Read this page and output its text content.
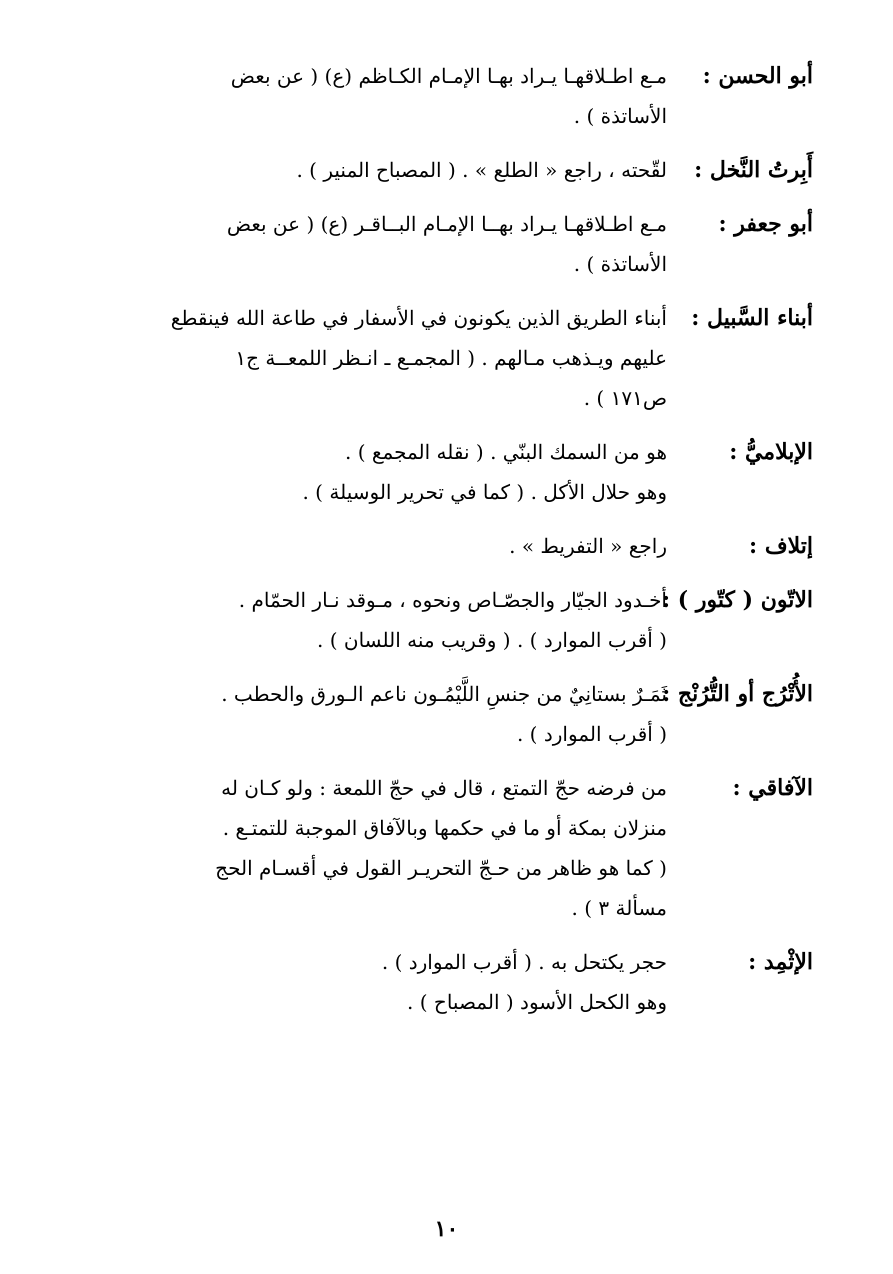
أبو الحسن :
مـع اطـلاقهـا يـراد بهـا الإمـام الكـاظم (ع) ( عن بعض
الأساتذة ) .
أَبِرتُ النَّخل :
لقّحته ، راجع « الطلع » . ( المصباح المنير ) .
أبو جعفر :
مـع اطـلاقهـا يـراد بهــا الإمـام البــاقـر (ع) ( عن بعض
الأساتذة ) .
أبناء السَّبيل :
أبناء الطريق الذين يكونون في الأسفار في طاعة الله فينقطع
عليهم ويـذهب مـالهم . ( المجمـع ـ انـظر اللمعــة ج١
ص١٧١ ) .
الإبلاميُّ :
هو من السمك البنّي . ( نقله المجمع ) .
وهو حلال الأكل . ( كما في تحرير الوسيلة ) .
إتلاف :
راجع « التفريط » .
الاتّون ( كتّور ) :
أخـدود الجيّار والجصّـاص ونحوه ، مـوقد نـار الحمّام .
( أقرب الموارد ) . ( وقريب منه اللسان ) .
الأُتْرُج أو التُّرُنْج :
ثَمَـرٌ بستانِيٌ من جنسِ اللَّيْمُـون ناعم الـورق والحطب .
( أقرب الموارد ) .
الآفاقي :
من فرضه حجّ التمتع ، قال في حجّ اللمعة : ولو كـان له
منزلان بمكة أو ما في حكمها وبالآفاق الموجبة للتمتـع .
( كما هو ظاهر من حـجّ التحريـر القول في أقسـام الحج
مسألة ٣ ) .
الإثْمِد :
حجر يكتحل به . ( أقرب الموارد ) .
وهو الكحل الأسود ( المصباح ) .
١٠
